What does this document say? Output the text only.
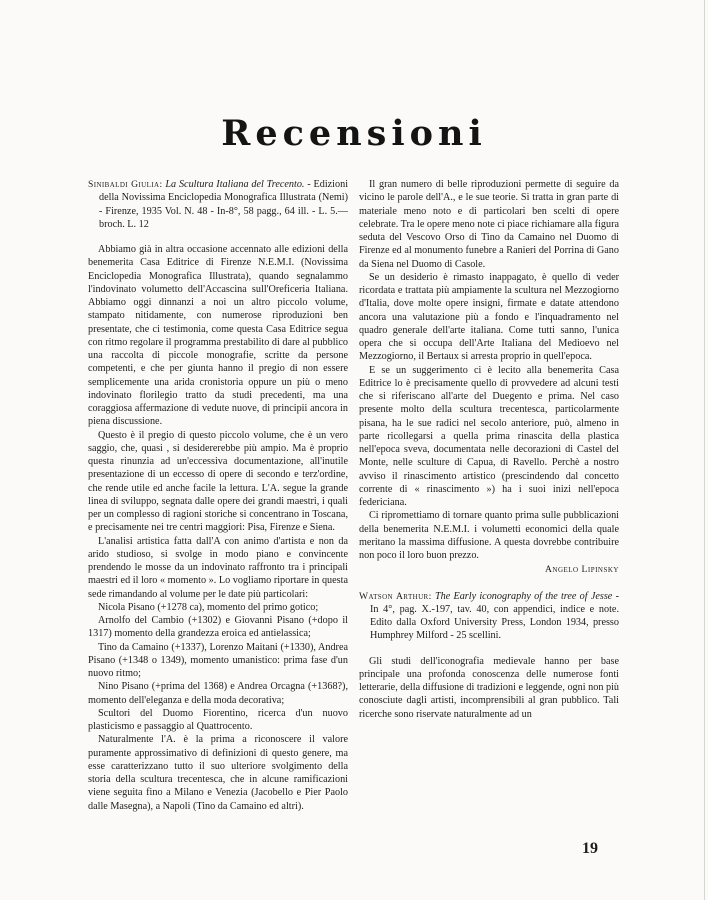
Recensioni

Sinibaldi Giulia: La Scultura Italiana del Trecento. - Edizioni della Novissima Enciclopedia Monografica Illustrata (Nemi) - Firenze, 1935 Vol. N. 48 - In-8°, 58 pagg., 64 ill. - L. 5.— broch. L. 12

Abbiamo già in altra occasione accennato alle edizioni della benemerita Casa Editrice di Firenze N.E.M.I. (Novissima Enciclopedia Monografica Illustrata), quando segnalammo l'indovinato volumetto dell'Accascina sull'Oreficeria Italiana. Abbiamo oggi dinnanzi a noi un altro piccolo volume, stampato nitidamente, con numerose riproduzioni ben presentate, che ci testimonia, come questa Casa Editrice segua con ritmo regolare il programma prestabilito di dare al pubblico una raccolta di piccole monografie, scritte da persone competenti, e che per giunta hanno il pregio di non essere semplicemente una arida cronistoria oppure un più o meno indovinato florilegio tratto da studi precedenti, ma una coraggiosa affermazione di vedute nuove, di principii ancora in piena discussione.

Questo è il pregio di questo piccolo volume, che è un vero saggio, che, quasi , si desidererebbe più ampio. Ma è proprio questa rinunzia ad un'eccessiva documentazione, all'inutile presentazione di un eccesso di opere di secondo e terz'ordine, che rende utile ed anche facile la lettura. L'A. segue la grande linea di sviluppo, segnata dalle opere dei grandi maestri, i quali per un complesso di ragioni storiche si concentrano in Toscana, e precisamente nei tre centri maggiori: Pisa, Firenze e Siena.

L'analisi artistica fatta dall'A con animo d'artista e non da arido studioso, si svolge in modo piano e convincente prendendo le mosse da un indovinato raffronto tra i principali maestri ed il loro « momento ». Lo vogliamo riportare in questa sede rimandando al volume per le date più particolari:

Nicola Pisano (+1278 ca), momento del primo gotico;

Arnolfo del Cambio (+1302) e Giovanni Pisano (+dopo il 1317) momento della grandezza eroica ed antielassica;

Tino da Camaino (+1337), Lorenzo Maitani (+1330), Andrea Pisano (+1348 o 1349), momento umanistico: prima fase d'un nuovo ritmo;

Nino Pisano (+prima del 1368) e Andrea Orcagna (+1368?), momento dell'eleganza e della moda decorativa;

Scultori del Duomo Fiorentino, ricerca d'un nuovo plasticismo e passaggio al Quattrocento.

Naturalmente l'A. è la prima a riconoscere il valore puramente approssimativo di definizioni di questo genere, ma esse caratterizzano tutto il suo ulteriore svolgimento della storia della scultura trecentesca, che in alcune ramificazioni viene seguita fino a Milano e Venezia (Jacobello e Pier Paolo dalle Masegna), a Napoli (Tino da Camaino ed altri).

Il gran numero di belle riproduzioni permette di seguire da vicino le parole dell'A., e le sue teorie. Si tratta in gran parte di materiale meno noto e di particolari ben scelti di opere celebrate. Tra le opere meno note ci piace richiamare alla figura seduta del Vescovo Orso di Tino da Camaino nel Duomo di Firenze ed al monumento funebre a Ranieri del Porrina di Gano da Siena nel Duomo di Casole.

Se un desiderio è rimasto inappagato, è quello di veder ricordata e trattata più ampiamente la scultura nel Mezzogiorno d'Italia, dove molte opere insigni, firmate e datate attendono ancora una valutazione più a fondo e l'inquadramento nel quadro generale dell'arte italiana. Come tutti sanno, l'unica opera che si occupa dell'Arte Italiana del Medioevo nel Mezzogiorno, il Bertaux si arresta proprio in quell'epoca.

E se un suggerimento ci è lecito alla benemerita Casa Editrice lo è precisamente quello di provvedere ad alcuni testi che si riferiscano all'arte del Duegento e prima. Nel caso presente molto della scultura trecentesca, particolarmente pisana, ha le sue radici nel secolo anteriore, può, almeno in parte ricollegarsi a quella prima rinascita della plastica nell'epoca sveva, documentata nelle decorazioni di Castel del Monte, nelle sculture di Capua, di Ravello. Perchè a nostro avviso il rinascimento artistico (prescindendo dal concetto corrente di « rinascimento ») ha i suoi inizi nell'epoca federiciana.

Ci ripromettiamo di tornare quanto prima sulle pubblicazioni della benemerita N.E.M.I. i volumetti economici della quale meritano la massima diffusione. A questa dovrebbe contribuire non poco il loro buon prezzo.

Angelo Lipinsky

Watson Arthur: The Early iconography of the tree of Jesse - In 4°, pag. X.-197, tav. 40, con appendici, indice e note. Edito dalla Oxford University Press, London 1934, presso Humphrey Milford - 25 scellini.

Gli studi dell'iconografia medievale hanno per base principale una profonda conoscenza delle numerose fonti letterarie, della diffusione di tradizioni e leggende, ogni non più conosciute dagli artisti, incomprensibili al gran pubblico. Tali ricerche sono riservate naturalmente ad un

19
